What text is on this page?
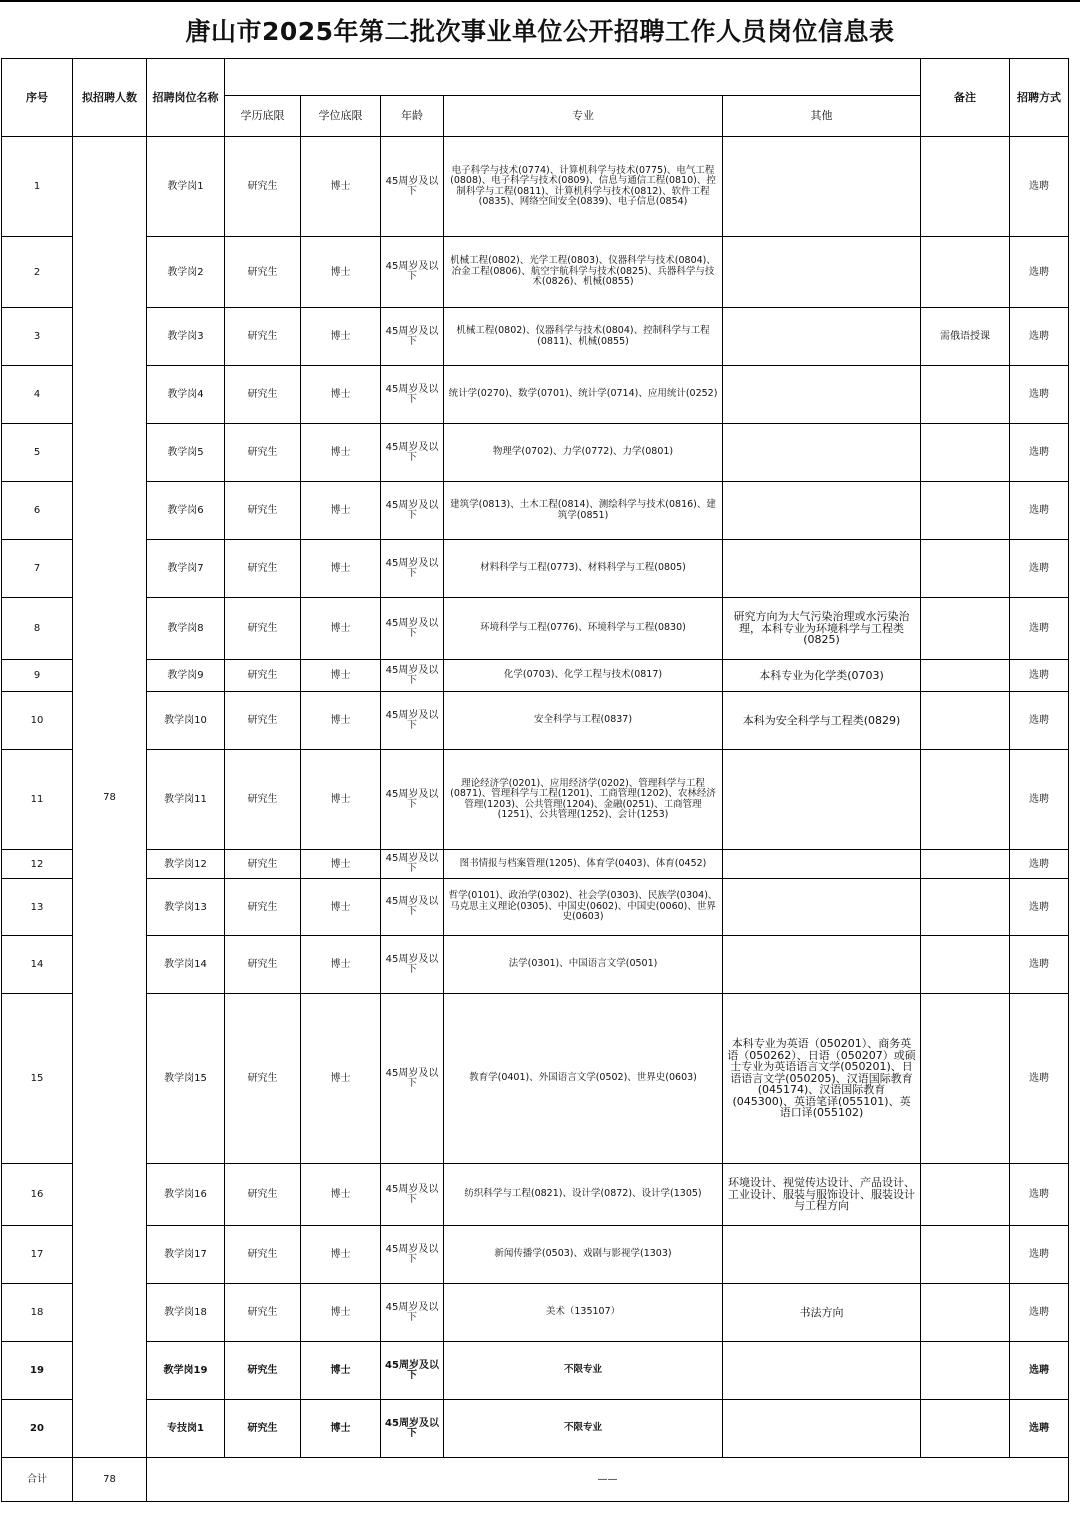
唐山市2025年第二批次事业单位公开招聘工作人员岗位信息表
序号	拟招聘人数	招聘岗位名称						备注	招聘方式
			学历底限	学位底限	年龄	专业	其他		
1	78	教学岗1	研究生	博士	45周岁及以下	电子科学与技术(0774)、计算机科学与技术(0775)、电气工程(0808)、电子科学与技术(0809)、信息与通信工程(0810)、控制科学与工程(0811)、计算机科学与技术(0812)、软件工程(0835)、网络空间安全(0839)、电子信息(0854)			选聘
2		教学岗2	研究生	博士	45周岁及以下	机械工程(0802)、光学工程(0803)、仪器科学与技术(0804)、冶金工程(0806)、航空宇航科学与技术(0825)、兵器科学与技术(0826)、机械(0855)			选聘
3		教学岗3	研究生	博士	45周岁及以下	机械工程(0802)、仪器科学与技术(0804)、控制科学与工程(0811)、机械(0855)		需俄语授课	选聘
4		教学岗4	研究生	博士	45周岁及以下	统计学(0270)、数学(0701)、统计学(0714)、应用统计(0252)			选聘
5		教学岗5	研究生	博士	45周岁及以下	物理学(0702)、力学(0772)、力学(0801)			选聘
6		教学岗6	研究生	博士	45周岁及以下	建筑学(0813)、土木工程(0814)、测绘科学与技术(0816)、建筑学(0851)			选聘
7		教学岗7	研究生	博士	45周岁及以下	材料科学与工程(0773)、材料科学与工程(0805)			选聘
8		教学岗8	研究生	博士	45周岁及以下	环境科学与工程(0776)、环境科学与工程(0830)	研究方向为大气污染治理或水污染治理，本科专业为环境科学与工程类(0825)		选聘
9		教学岗9	研究生	博士	45周岁及以下	化学(0703)、化学工程与技术(0817)	本科专业为化学类(0703)		选聘
10		教学岗10	研究生	博士	45周岁及以下	安全科学与工程(0837)	本科为安全科学与工程类(0829)		选聘
11		教学岗11	研究生	博士	45周岁及以下	理论经济学(0201)、应用经济学(0202)、管理科学与工程(0871)、管理科学与工程(1201)、工商管理(1202)、农林经济管理(1203)、公共管理(1204)、金融(0251)、工商管理(1251)、公共管理(1252)、会计(1253)			选聘
12		教学岗12	研究生	博士	45周岁及以下	图书情报与档案管理(1205)、体育学(0403)、体育(0452)			选聘
13		教学岗13	研究生	博士	45周岁及以下	哲学(0101)、政治学(0302)、社会学(0303)、民族学(0304)、马克思主义理论(0305)、中国史(0602)、中国史(0060)、世界史(0603)			选聘
14		教学岗14	研究生	博士	45周岁及以下	法学(0301)、中国语言文学(0501)			选聘
15		教学岗15	研究生	博士	45周岁及以下	教育学(0401)、外国语言文学(0502)、世界史(0603)	本科专业为英语（050201）、商务英语（050262）、日语（050207）或硕士专业为英语语言文学(050201)、日语语言文学(050205)、汉语国际教育(045174)、汉语国际教育(045300)、英语笔译(055101)、英语口译(055102)		选聘
16		教学岗16	研究生	博士	45周岁及以下	纺织科学与工程(0821)、设计学(0872)、设计学(1305)	环境设计、视觉传达设计、产品设计、工业设计、服装与服饰设计、服装设计与工程方向		选聘
17		教学岗17	研究生	博士	45周岁及以下	新闻传播学(0503)、戏剧与影视学(1303)			选聘
18		教学岗18	研究生	博士	45周岁及以下	美术（135107）	书法方向		选聘
19		教学岗19	研究生	博士	45周岁及以下	不限专业			选聘
20		专技岗1	研究生	博士	45周岁及以下	不限专业			选聘
合计	78	——							
